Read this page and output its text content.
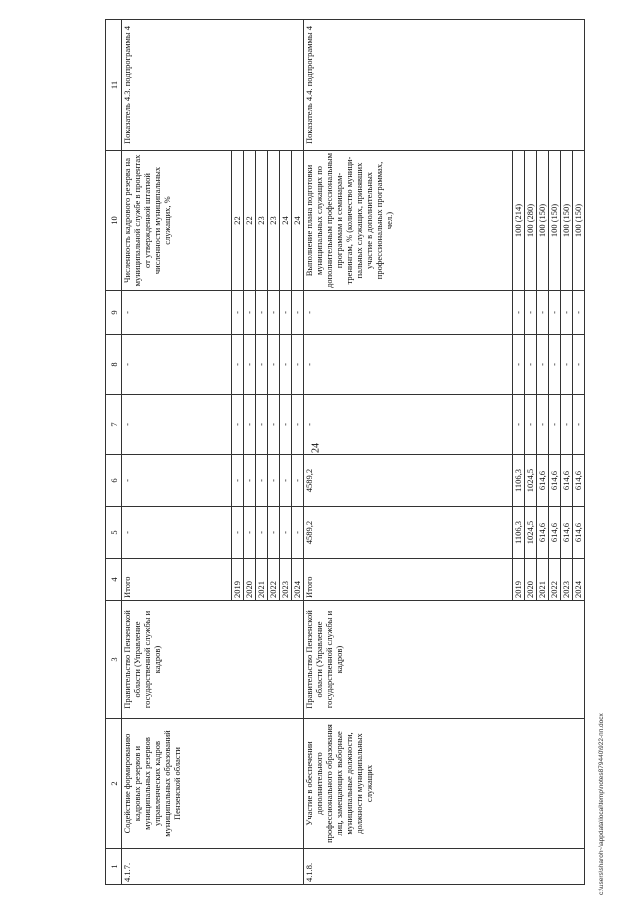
24
1	2	3	4	5	6	7	8	9	10	11
4.1.7.	Содействие формированию кадровых резервов и муниципальных резервов управленческих кадров муниципальных образований Пензенской области	Правительство Пензенской области (Управление государственной службы и кадров)	Итого	-	-	-	-	-	Численность кадрового резерва на муниципальной службе в процентах от утвержденной штатной численности муниципальных служащих, %	Показатель 4.3. подпрограммы 4
			2019	-	-	-	-	-	22	
			2020	-	-	-	-	-	22	
			2021	-	-	-	-	-	23	
			2022	-	-	-	-	-	23	
			2023	-	-	-	-	-	24	
			2024	-	-	-	-	-	24	
4.1.8.	Участие в обеспечении дополнительного профессионального образования лиц, замещающих выборные муниципальные должности, должности муниципальных служащих	Правительство Пензенской области (Управление государственной службы и кадров)	Итого	4589,2	4589,2	-	-	-	Выполнение плана подготовки муниципальных служащих по дополнительным профессиональным программам и семинарам-тренингам, % (количество муници-пальных служащих, принявших участие в дополнительных профессиональных программах, чел.)	Показатель 4.4. подпрограммы 4
			2019	1106,3	1106,3	-	-	-	100 (214)	
			2020	1024,5	1024,5	-	-	-	100 (280)	
			2021	614,6	614,6	-	-	-	100 (150)	
			2022	614,6	614,6	-	-	-	100 (150)	
			2023	614,6	614,6	-	-	-	100 (150)	
			2024	614,6	614,6	-	-	-	100 (150)	
c:\users\sharoh~\appdata\local\temp\notes879440\922-пп.docx
